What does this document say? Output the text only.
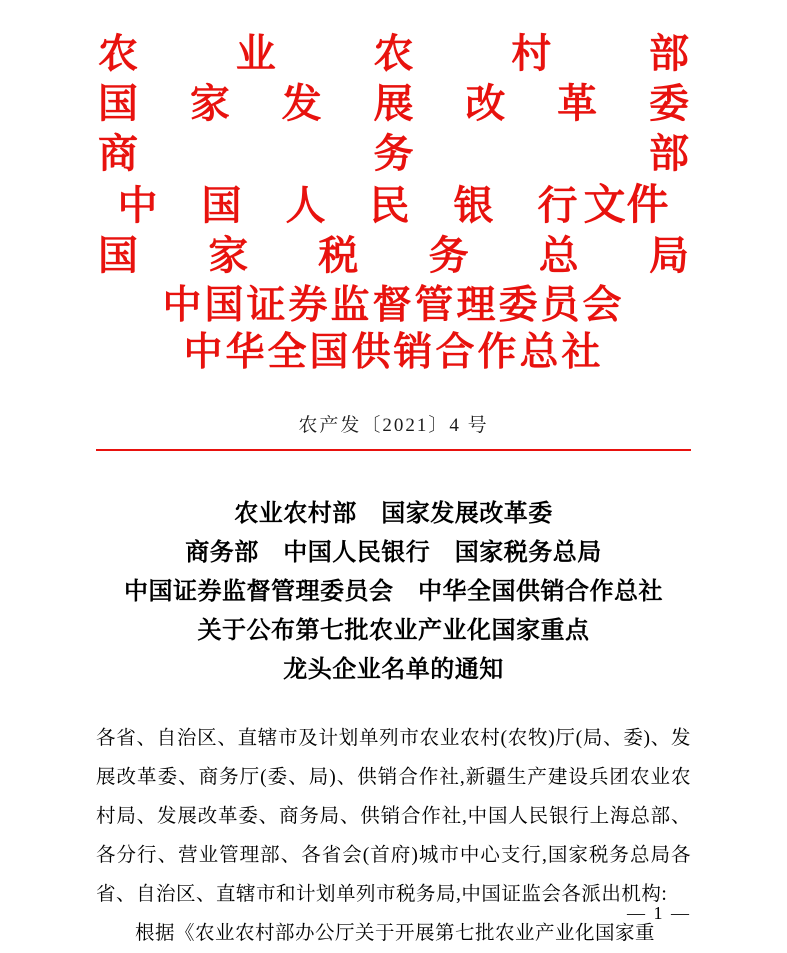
农 业 农 村 部
国 家 发 展 改 革 委
商	务	部
中 国 人 民 银 行 文件
国 家 税 务 总 局
中国证券监督管理委员会
中华全国供销合作总社
农产发〔2021〕4 号
农业农村部　国家发展改革委
商务部　中国人民银行　国家税务总局
中国证券监督管理委员会　中华全国供销合作总社
关于公布第七批农业产业化国家重点
龙头企业名单的通知

各省、自治区、直辖市及计划单列市农业农村(农牧)厅(局、委)、发展改革委、商务厅(委、局)、供销合作社,新疆生产建设兵团农业农村局、发展改革委、商务局、供销合作社,中国人民银行上海总部、各分行、营业管理部、各省会(首府)城市中心支行,国家税务总局各省、自治区、直辖市和计划单列市税务局,中国证监会各派出机构:

根据《农业农村部办公厅关于开展第七批农业产业化国家重

— 1 —
